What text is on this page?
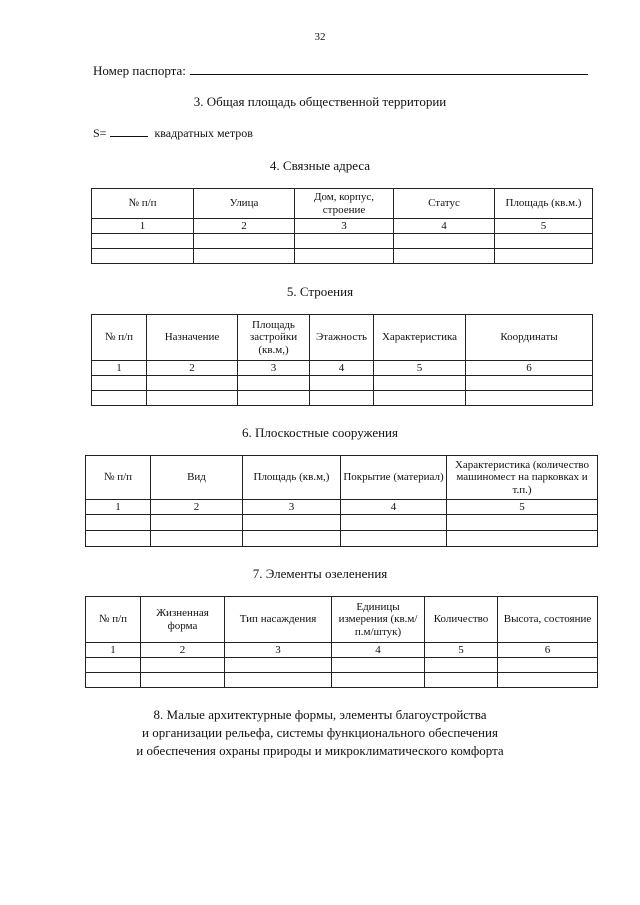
32
Номер паспорта:
3. Общая площадь общественной территории
S=	квадратных метров
4. Связные адреса
№ п/п	Улица	Дом, корпус, строение	Статус	Площадь (кв.м.)
1	2	3	4	5

5. Строения
№ п/п	Назначение	Площадь застройки (кв.м,)	Этажность	Характеристика	Координаты
1	2	3	4	5	6

6. Плоскостные сооружения
№ п/п	Вид	Площадь (кв.м,)	Покрытие (материал)	Характеристика (количество машиномест на парковках и т.п.)
1	2	3	4	5

7. Элементы озеленения
№ п/п	Жизненная форма	Тип насаждения	Единицы измерения (кв.м/п.м/штук)	Количество	Высота, состояние
1	2	3	4	5	6

8. Малые архитектурные формы, элементы благоустройства
и организации рельефа, системы функционального обеспечения
и обеспечения охраны природы и микроклиматического комфорта
